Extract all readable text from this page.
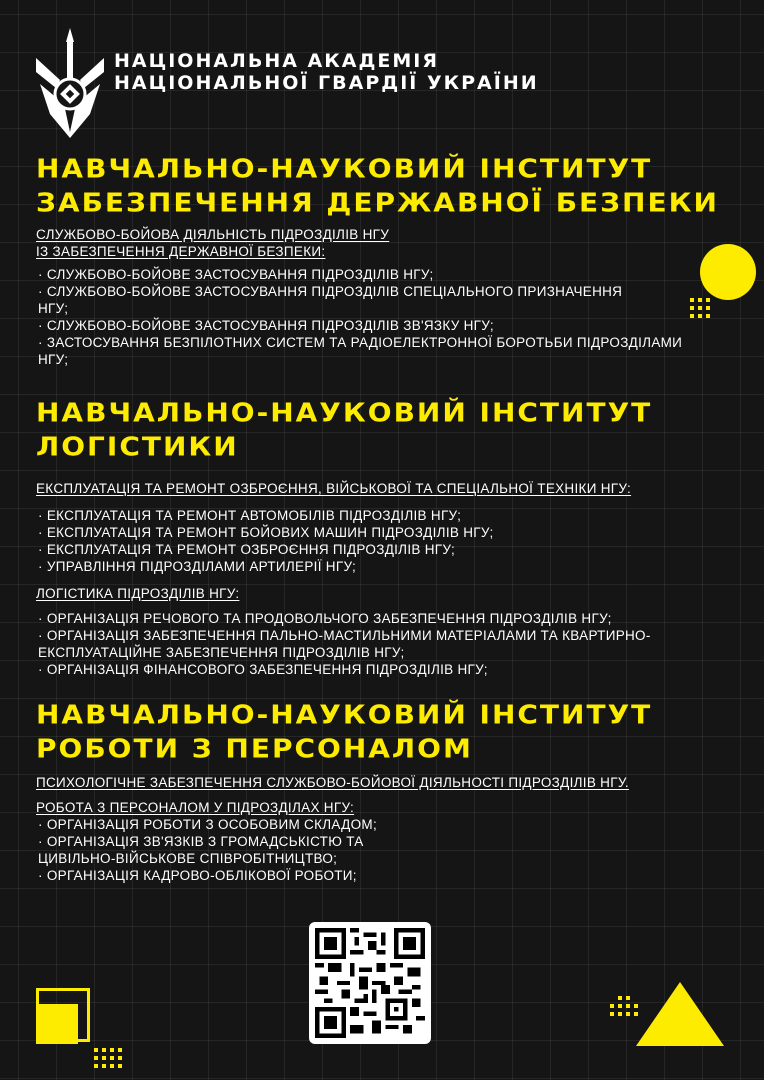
НАЦІОНАЛЬНА АКАДЕМІЯ
НАЦІОНАЛЬНОЇ ГВАРДІЇ УКРАЇНИ
НАВЧАЛЬНО-НАУКОВИЙ ІНСТИТУТ
ЗАБЕЗПЕЧЕННЯ ДЕРЖАВНОЇ БЕЗПЕКИ
СЛУЖБОВО-БОЙОВА ДІЯЛЬНІСТЬ ПІДРОЗДІЛІВ НГУ
ІЗ ЗАБЕЗПЕЧЕННЯ ДЕРЖАВНОЇ БЕЗПЕКИ:
· СЛУЖБОВО-БОЙОВЕ ЗАСТОСУВАННЯ ПІДРОЗДІЛІВ НГУ;
· СЛУЖБОВО-БОЙОВЕ ЗАСТОСУВАННЯ ПІДРОЗДІЛІВ СПЕЦІАЛЬНОГО ПРИЗНАЧЕННЯ НГУ;
· СЛУЖБОВО-БОЙОВЕ ЗАСТОСУВАННЯ ПІДРОЗДІЛІВ ЗВ'ЯЗКУ НГУ;
· ЗАСТОСУВАННЯ БЕЗПІЛОТНИХ СИСТЕМ ТА РАДІОЕЛЕКТРОННОЇ БОРОТЬБИ ПІДРОЗДІЛАМИ НГУ;
НАВЧАЛЬНО-НАУКОВИЙ ІНСТИТУТ
ЛОГІСТИКИ
ЕКСПЛУАТАЦІЯ ТА РЕМОНТ ОЗБРОЄННЯ, ВІЙСЬКОВОЇ ТА СПЕЦІАЛЬНОЇ ТЕХНІКИ НГУ:
· ЕКСПЛУАТАЦІЯ ТА РЕМОНТ АВТОМОБІЛІВ ПІДРОЗДІЛІВ НГУ;
· ЕКСПЛУАТАЦІЯ ТА РЕМОНТ БОЙОВИХ МАШИН ПІДРОЗДІЛІВ НГУ;
· ЕКСПЛУАТАЦІЯ ТА РЕМОНТ ОЗБРОЄННЯ ПІДРОЗДІЛІВ НГУ;
· УПРАВЛІННЯ ПІДРОЗДІЛАМИ АРТИЛЕРІЇ НГУ;
ЛОГІСТИКА ПІДРОЗДІЛІВ НГУ:
· ОРГАНІЗАЦІЯ РЕЧОВОГО ТА ПРОДОВОЛЬЧОГО ЗАБЕЗПЕЧЕННЯ ПІДРОЗДІЛІВ НГУ;
· ОРГАНІЗАЦІЯ ЗАБЕЗПЕЧЕННЯ ПАЛЬНО-МАСТИЛЬНИМИ МАТЕРІАЛАМИ ТА КВАРТИРНО-ЕКСПЛУАТАЦІЙНЕ ЗАБЕЗПЕЧЕННЯ ПІДРОЗДІЛІВ НГУ;
· ОРГАНІЗАЦІЯ ФІНАНСОВОГО ЗАБЕЗПЕЧЕННЯ ПІДРОЗДІЛІВ НГУ;
НАВЧАЛЬНО-НАУКОВИЙ ІНСТИТУТ
РОБОТИ З ПЕРСОНАЛОМ
ПСИХОЛОГІЧНЕ ЗАБЕЗПЕЧЕННЯ СЛУЖБОВО-БОЙОВОЇ ДІЯЛЬНОСТІ ПІДРОЗДІЛІВ НГУ.
РОБОТА З ПЕРСОНАЛОМ У ПІДРОЗДІЛАХ НГУ:
· ОРГАНІЗАЦІЯ РОБОТИ З ОСОБОВИМ СКЛАДОМ;
· ОРГАНІЗАЦІЯ ЗВ'ЯЗКІВ З ГРОМАДСЬКІСТЮ ТА ЦИВІЛЬНО-ВІЙСЬКОВЕ СПІВРОБІТНИЦТВО;
· ОРГАНІЗАЦІЯ КАДРОВО-ОБЛІКОВОЇ РОБОТИ;
